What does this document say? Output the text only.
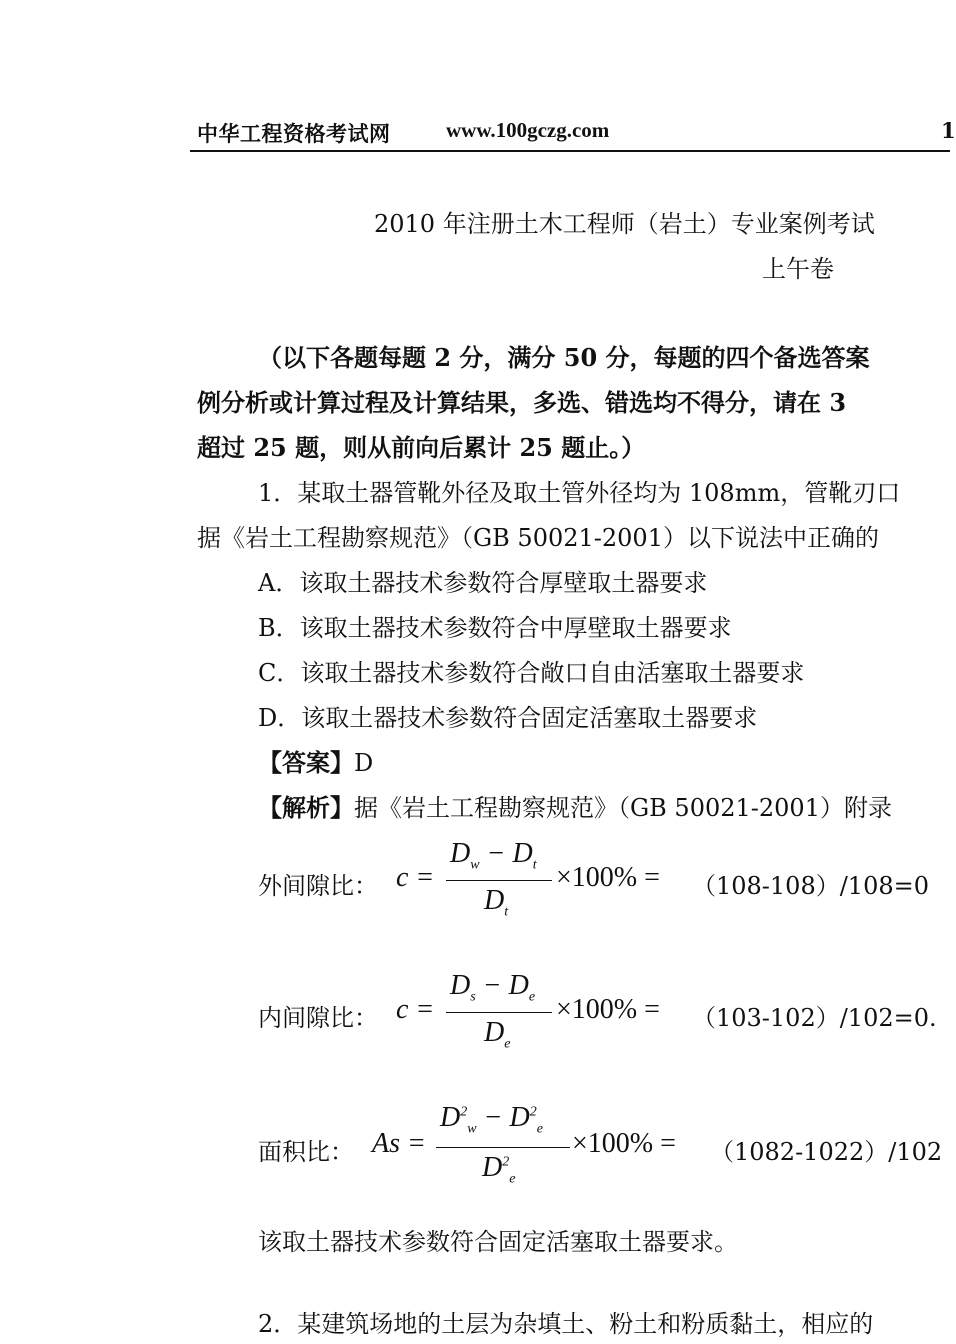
中华工程资格考试网	www.100gczg.com	1
2010 年注册土木工程师（岩土）专业案例考试
上午卷
（以下各题每题 2 分，满分 50 分，每题的四个备选答案
例分析或计算过程及计算结果，多选、错选均不得分，请在 3
超过 25 题，则从前向后累计 25 题止。）
1．某取土器管靴外径及取土管外径均为 108mm，管靴刃口
据《岩土工程勘察规范》（GB 50021-2001）以下说法中正确的
A．该取土器技术参数符合厚壁取土器要求
B．该取土器技术参数符合中厚壁取土器要求
C．该取土器技术参数符合敞口自由活塞取土器要求
D．该取土器技术参数符合固定活塞取土器要求
【答案】D
【解析】据《岩土工程勘察规范》（GB 50021-2001）附录
外间隙比： c =
$D_w - D_t$
$D_t$
×100% = （108-108）/108=0
内间隙比： c =
$D_s - D_e$
$D_e$
×100% = （103-102）/102=0.
面积比： As =
$D^2_w - D^2_e$
$D^2_e$
×100% = （1082-1022）/102
该取土器技术参数符合固定活塞取土器要求。
2．某建筑场地的土层为杂填土、粉土和粉质黏土，相应的
